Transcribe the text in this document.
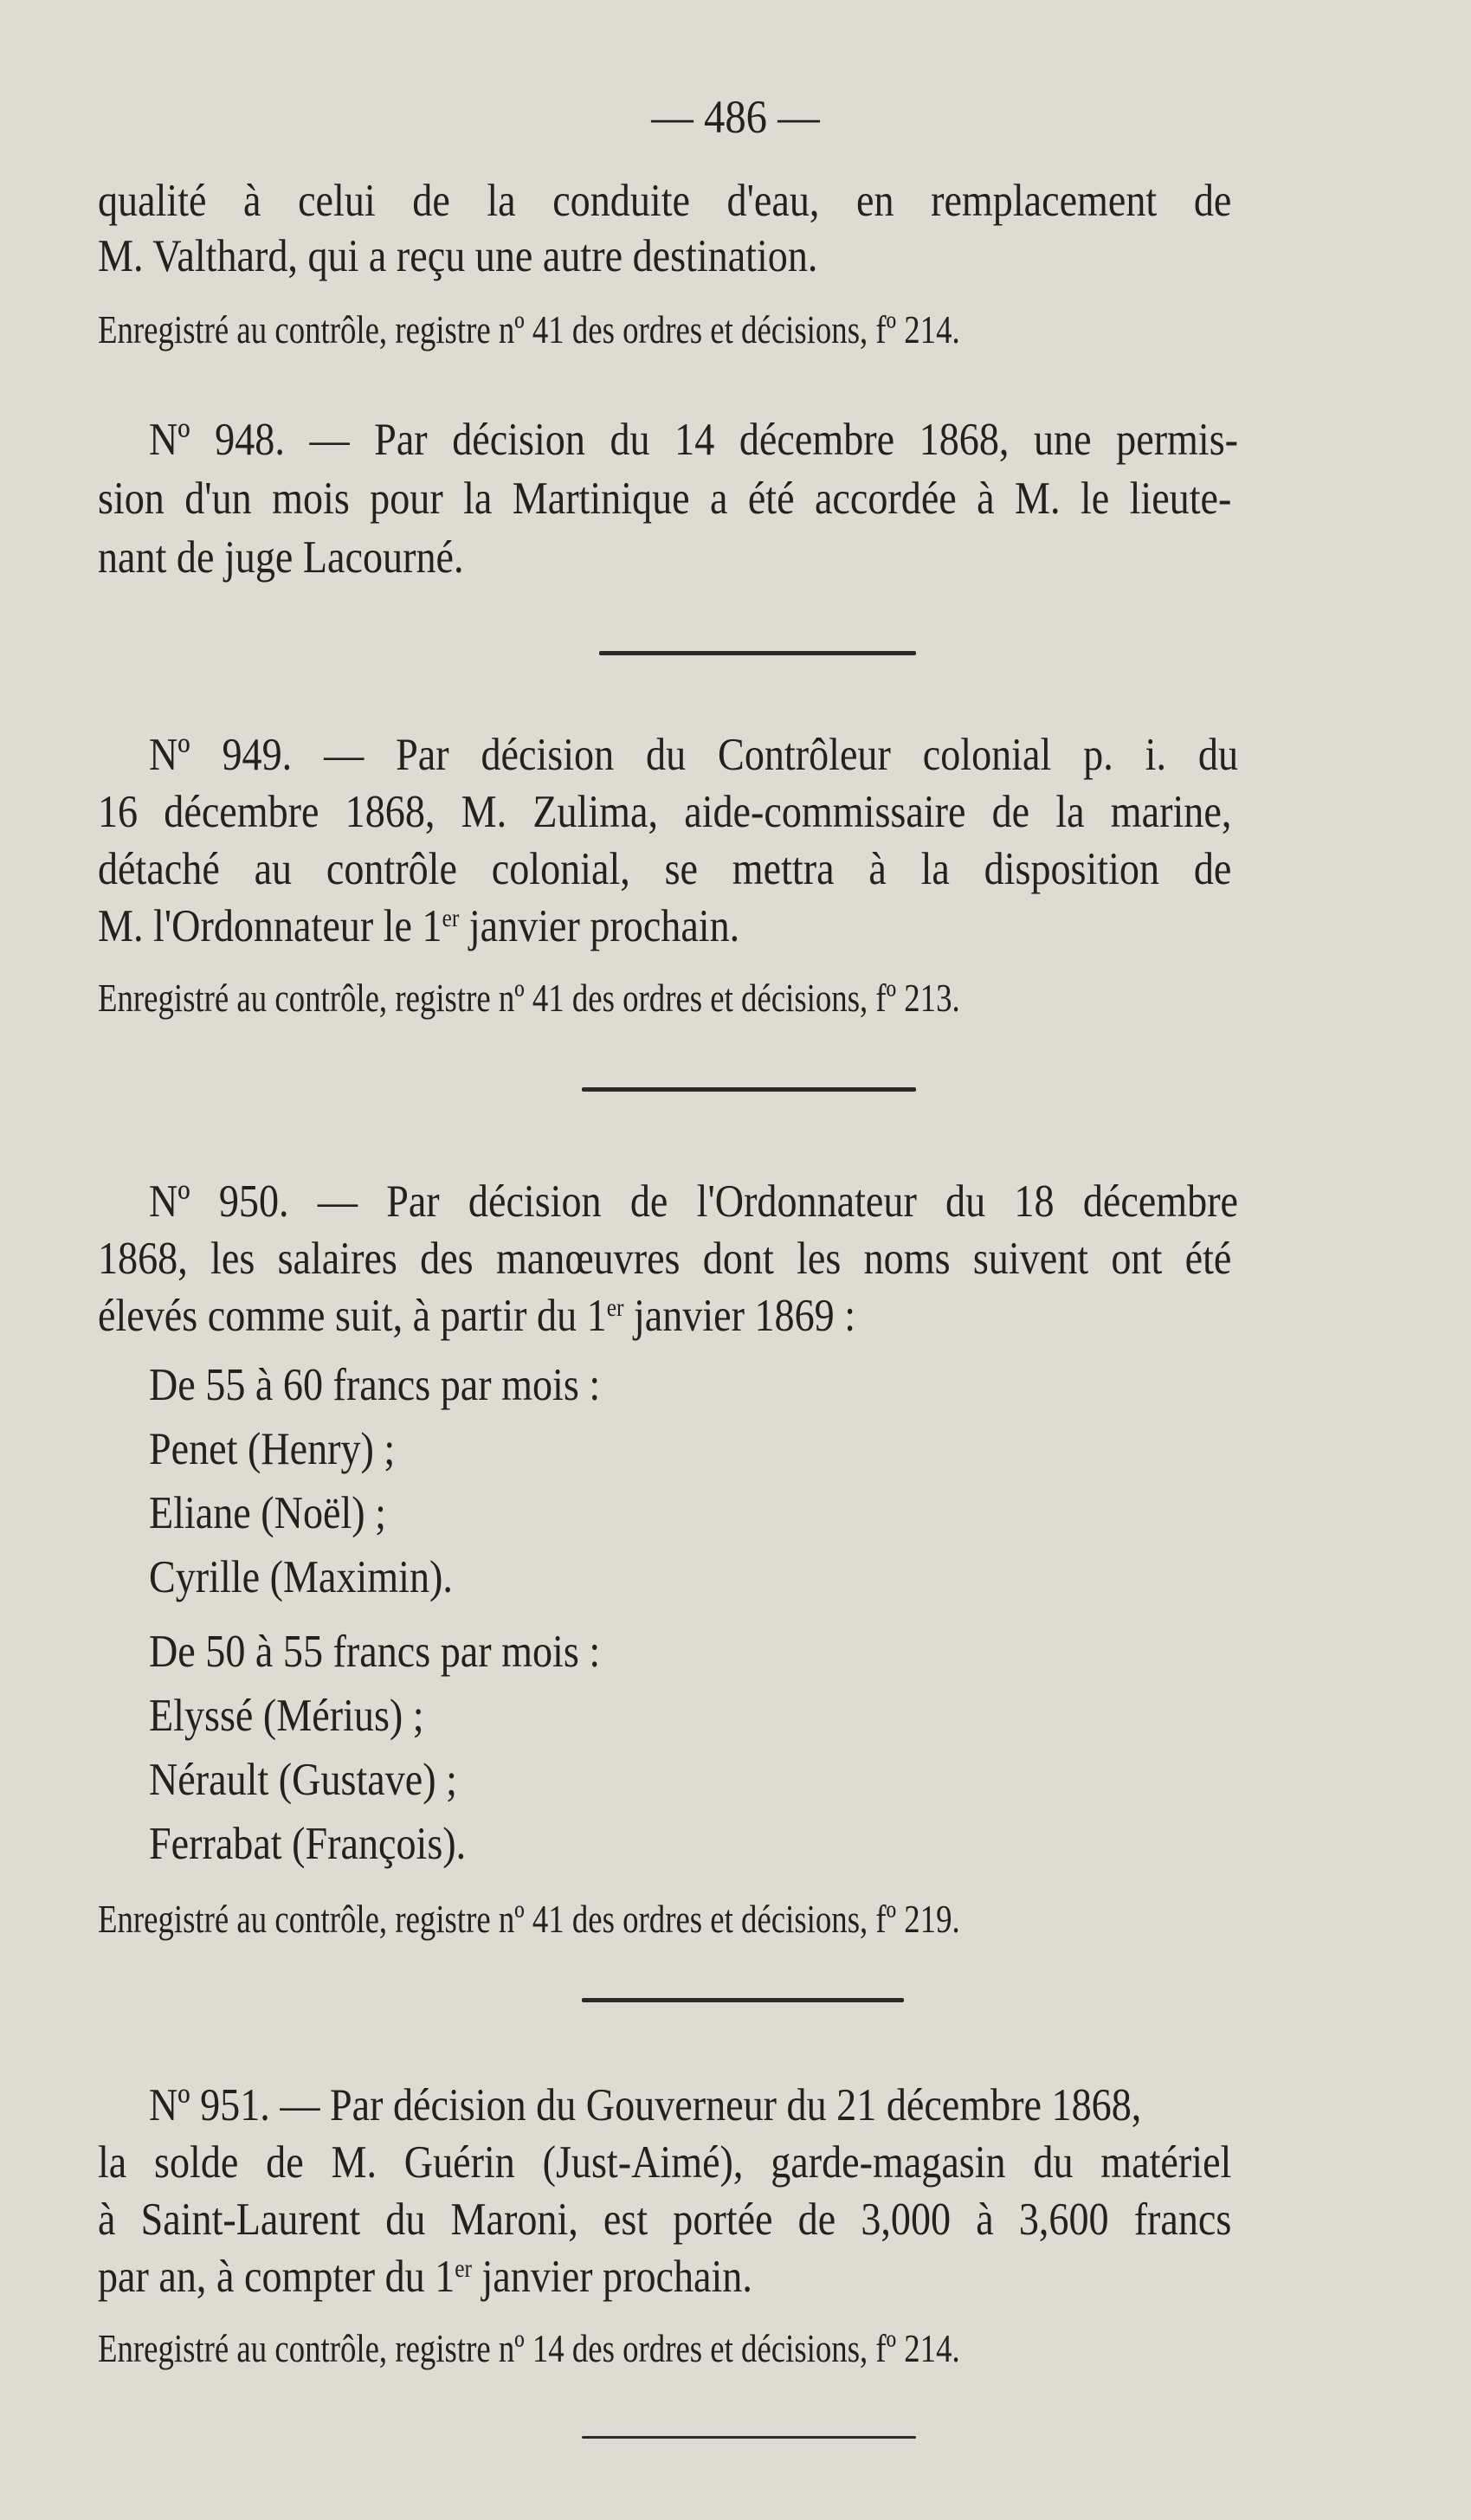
— 486 —
qualité à celui de la conduite d'eau, en remplacement de
M. Valthard, qui a reçu une autre destination.
Enregistré au contrôle, registre nº 41 des ordres et décisions, fº 214.
Nº 948. — Par décision du 14 décembre 1868, une permis-
sion d'un mois pour la Martinique a été accordée à M. le lieute-
nant de juge Lacourné.
Nº 949. — Par décision du Contrôleur colonial p. i. du
16 décembre 1868, M. Zulima, aide-commissaire de la marine,
détaché au contrôle colonial, se mettra à la disposition de
M. l'Ordonnateur le 1er janvier prochain.
Enregistré au contrôle, registre nº 41 des ordres et décisions, fº 213.
Nº 950. — Par décision de l'Ordonnateur du 18 décembre
1868, les salaires des manœuvres dont les noms suivent ont été
élevés comme suit, à partir du 1er janvier 1869 :
De 55 à 60 francs par mois :
Penet (Henry) ;
Eliane (Noël) ;
Cyrille (Maximin).
De 50 à 55 francs par mois :
Elyssé (Mérius) ;
Nérault (Gustave) ;
Ferrabat (François).
Enregistré au contrôle, registre nº 41 des ordres et décisions, fº 219.
Nº 951. — Par décision du Gouverneur du 21 décembre 1868,
la solde de M. Guérin (Just-Aimé), garde-magasin du matériel
à Saint-Laurent du Maroni, est portée de 3,000 à 3,600 francs
par an, à compter du 1er janvier prochain.
Enregistré au contrôle, registre nº 14 des ordres et décisions, fº 214.
